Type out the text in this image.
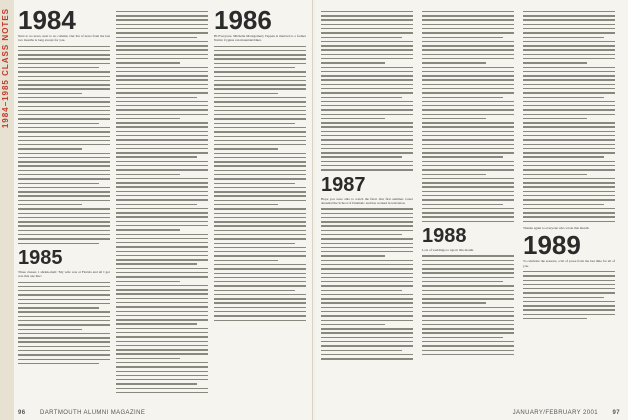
1984–1985 CLASS NOTES 1984

Next to no news, next to no column. Our list of news from the last two months is long except for you.

1985

Three classes 1 shrink-mail: 'My wife was at Florida and all I got was this one line.'

1986

Hi Everyone. Michelle Montgomery Tappan is married to a former Native Cygnus ran mountain/biker.

96 DARTMOUTH ALUMNI MAGAZINE
1987

Hope you were able to watch the final. Our first summer. Greer attended the School of Dramatic and has worked in television.

1988

Lots of weddings to report this month.

Thanks again to everyone who wrote this month.

1989

To celebrate the seasons, a bit of prose from me last time for all of you.

JANUARY/FEBRUARY 2001 97
